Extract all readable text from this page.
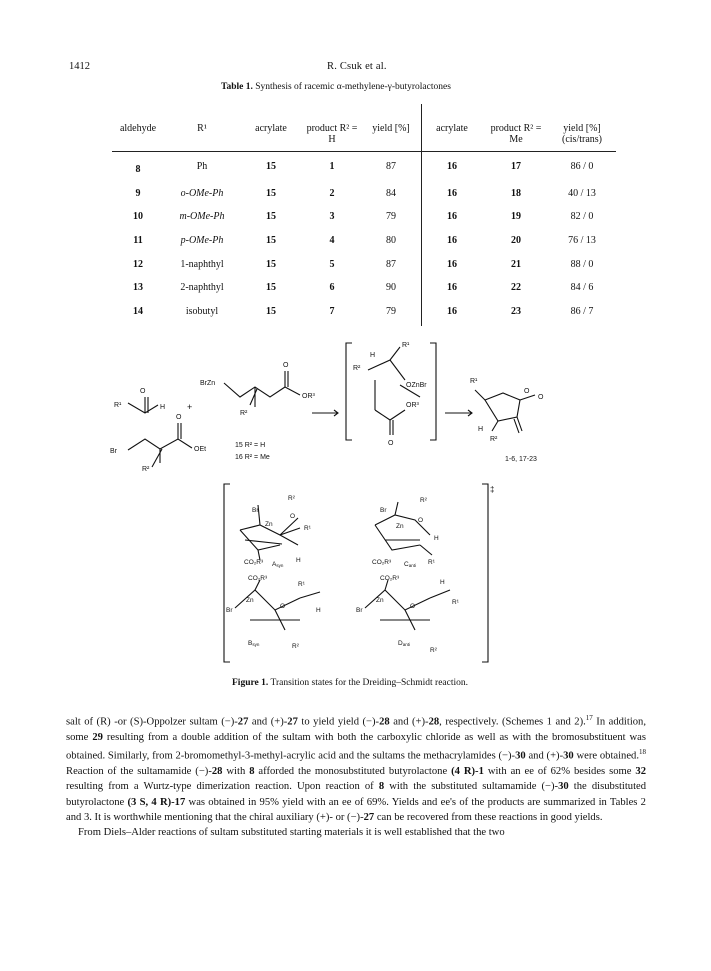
1412	R. Csuk et al.
Table 1. Synthesis of racemic α-methylene-γ-butyrolactones
aldehyde	R¹	acrylate	product R² = H	yield [%]	acrylate	product R² = Me	yield [%] (cis/trans)
8	Ph	15	1	87	16	17	86 / 0
9	o-OMe-Ph	15	2	84	16	18	40 / 13
10	m-OMe-Ph	15	3	79	16	19	82 / 0
11	p-OMe-Ph	15	4	80	16	20	76 / 13
12	1-naphthyl	15	5	87	16	21	88 / 0
13	2-naphthyl	15	6	90	16	22	84 / 6
14	isobutyl	15	7	79	16	23	86 / 7
O
R¹	H +
BrZn
O
OR³
R²
H
R¹
R²
OZnBr
OR³
O
R¹
O
O
H
R²
1-6, 17-23
Br
O
OEt
R²
15 R² = H
16 R² = Me
‡
Br
R²
Zn
O
R¹
CO₂R³	H
Asyn
Br
R²
Zn
O
H
CO₂R³	R¹
Canti
CO₂R³
R¹
Br
Zn
O
H
Bsyn	R²
CO₂R³
H
Br
Zn
O
R¹
Danti
R²
Figure 1. Transition states for the Dreiding–Schmidt reaction.

salt of (R) -or (S)-Oppolzer sultam (−)-27 and (+)-27 to yield yield (−)-28 and (+)-28, respectively. (Schemes 1 and 2).$^{17}$ In addition, some 29 resulting from a double addition of the sultam with both the carboxylic chloride as well as with the bromosubstituent was obtained. Similarly, from 2-bromomethyl-3-methyl-acrylic acid and the sultams the methacrylamides (−)-30 and (+)-30 were obtained.$^{18}$ Reaction of the sultamamide (−)-28 with 8 afforded the monosubstituted butyrolactone (4 R)-1 with an ee of 62% besides some 32 resulting from a Wurtz-type dimerization reaction. Upon reaction of 8 with the substituted sultamamide (−)-30 the disubstituted butyrolactone (3 S, 4 R)-17 was obtained in 95% yield with an ee of 69%. Yields and ee's of the products are summarized in Tables 2 and 3. It is worthwhile mentioning that the chiral auxiliary (+)- or (−)-27 can be recovered from these reactions in good yields.

From Diels–Alder reactions of sultam substituted starting materials it is well established that the two
